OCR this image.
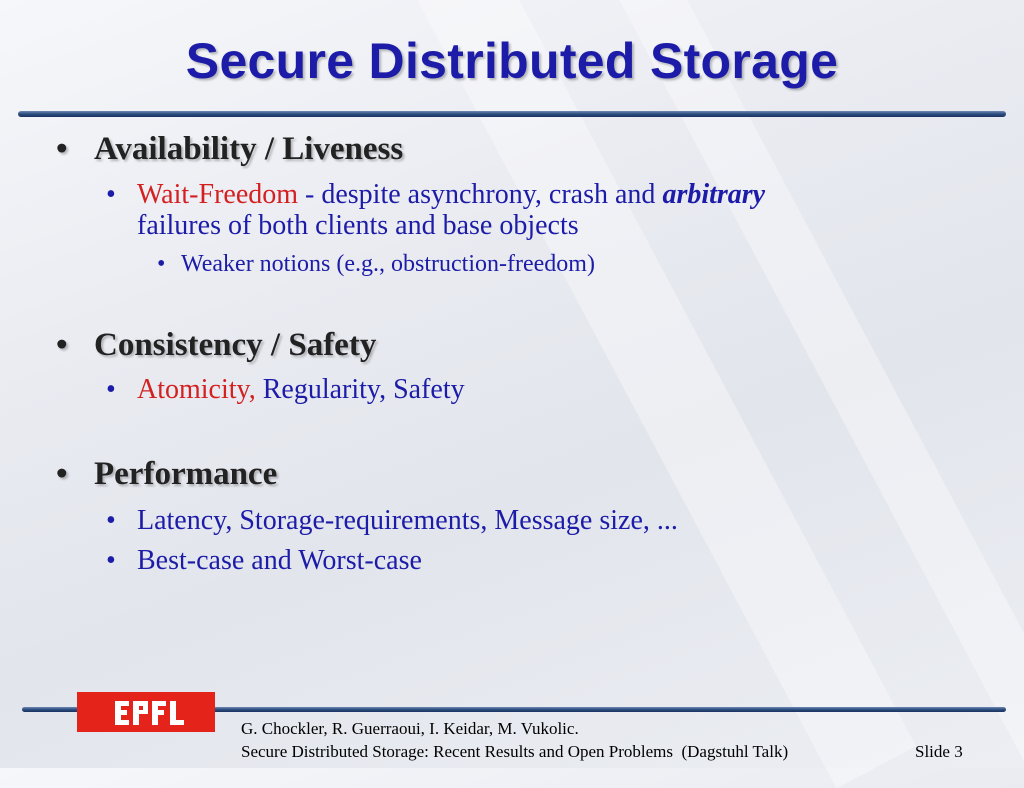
Secure Distributed Storage
• Availability / Liveness
• Wait-Freedom - despite asynchrony, crash and arbitrary
failures of both clients and base objects
• Weaker notions (e.g., obstruction-freedom)
• Consistency / Safety
• Atomicity, Regularity, Safety
• Performance
• Latency, Storage-requirements, Message size, ...
• Best-case and Worst-case
G. Chockler, R. Guerraoui, I. Keidar, M. Vukolic.
Secure Distributed Storage: Recent Results and Open Problems  (Dagstuhl Talk)	Slide 3
